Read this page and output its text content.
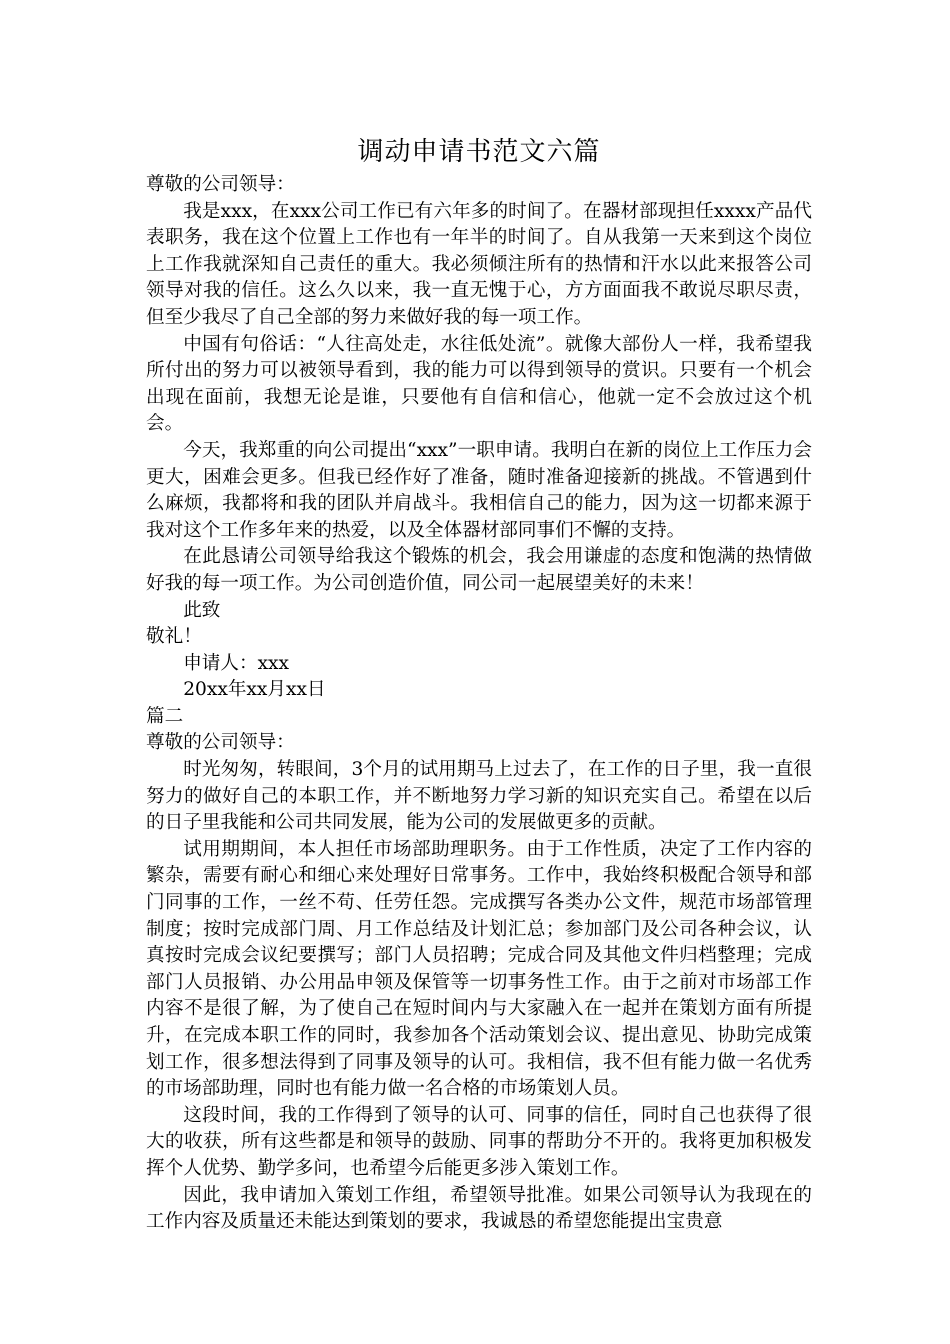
调动申请书范文六篇

尊敬的公司领导：

我是xxx，在xxx公司工作已有六年多的时间了。在器材部现担任xxxx产品代表职务，我在这个位置上工作也有一年半的时间了。自从我第一天来到这个岗位上工作我就深知自己责任的重大。我必须倾注所有的热情和汗水以此来报答公司领导对我的信任。这么久以来，我一直无愧于心，方方面面我不敢说尽职尽责，但至少我尽了自己全部的努力来做好我的每一项工作。

中国有句俗话：“人往高处走，水往低处流”。就像大部份人一样，我希望我所付出的努力可以被领导看到，我的能力可以得到领导的赏识。只要有一个机会出现在面前，我想无论是谁，只要他有自信和信心，他就一定不会放过这个机会。

今天，我郑重的向公司提出“xxx”一职申请。我明白在新的岗位上工作压力会更大，困难会更多。但我已经作好了准备，随时准备迎接新的挑战。不管遇到什么麻烦，我都将和我的团队并肩战斗。我相信自己的能力，因为这一切都来源于我对这个工作多年来的热爱，以及全体器材部同事们不懈的支持。

在此恳请公司领导给我这个锻炼的机会，我会用谦虚的态度和饱满的热情做好我的每一项工作。为公司创造价值，同公司一起展望美好的未来！

此致

敬礼！

申请人：xxx

20xx年xx月xx日

篇二

尊敬的公司领导：

时光匆匆，转眼间，3个月的试用期马上过去了，在工作的日子里，我一直很努力的做好自己的本职工作，并不断地努力学习新的知识充实自己。希望在以后的日子里我能和公司共同发展，能为公司的发展做更多的贡献。

试用期期间，本人担任市场部助理职务。由于工作性质，决定了工作内容的繁杂，需要有耐心和细心来处理好日常事务。工作中，我始终积极配合领导和部门同事的工作，一丝不苟、任劳任怨。完成撰写各类办公文件，规范市场部管理制度；按时完成部门周、月工作总结及计划汇总；参加部门及公司各种会议，认真按时完成会议纪要撰写；部门人员招聘；完成合同及其他文件归档整理；完成部门人员报销、办公用品申领及保管等一切事务性工作。由于之前对市场部工作内容不是很了解，为了使自己在短时间内与大家融入在一起并在策划方面有所提升，在完成本职工作的同时，我参加各个活动策划会议、提出意见、协助完成策划工作，很多想法得到了同事及领导的认可。我相信，我不但有能力做一名优秀的市场部助理，同时也有能力做一名合格的市场策划人员。

这段时间，我的工作得到了领导的认可、同事的信任，同时自己也获得了很大的收获，所有这些都是和领导的鼓励、同事的帮助分不开的。我将更加积极发挥个人优势、勤学多问，也希望今后能更多涉入策划工作。

因此，我申请加入策划工作组，希望领导批准。如果公司领导认为我现在的工作内容及质量还未能达到策划的要求，我诚恳的希望您能提出宝贵意
